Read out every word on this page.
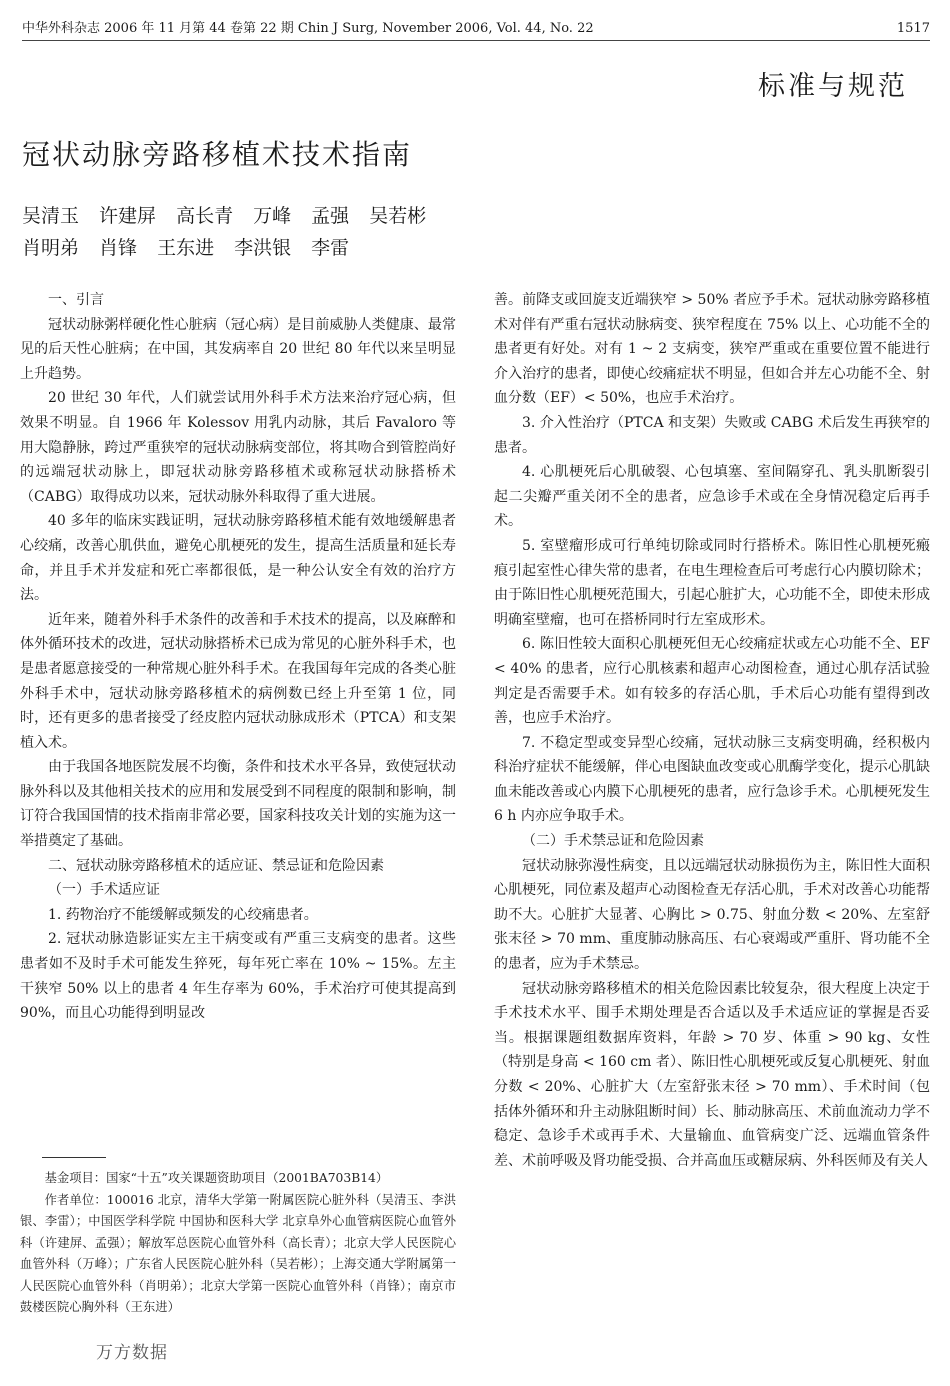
中华外科杂志 2006 年 11 月第 44 卷第 22 期 Chin J Surg, November 2006, Vol. 44, No. 22	1517
标准与规范
冠状动脉旁路移植术技术指南
吴清玉 许建屏 高长青 万峰 孟强 吴若彬
肖明弟 肖锋 王东进 李洪银 李雷

一、引言

冠状动脉粥样硬化性心脏病（冠心病）是目前威胁人类健康、最常见的后天性心脏病；在中国，其发病率自 20 世纪 80 年代以来呈明显上升趋势。

20 世纪 30 年代，人们就尝试用外科手术方法来治疗冠心病，但效果不明显。自 1966 年 Kolessov 用乳内动脉，其后 Favaloro 等用大隐静脉，跨过严重狭窄的冠状动脉病变部位，将其吻合到管腔尚好的远端冠状动脉上，即冠状动脉旁路移植术或称冠状动脉搭桥术（CABG）取得成功以来，冠状动脉外科取得了重大进展。

40 多年的临床实践证明，冠状动脉旁路移植术能有效地缓解患者心绞痛，改善心肌供血，避免心肌梗死的发生，提高生活质量和延长寿命，并且手术并发症和死亡率都很低，是一种公认安全有效的治疗方法。

近年来，随着外科手术条件的改善和手术技术的提高，以及麻醉和体外循环技术的改进，冠状动脉搭桥术已成为常见的心脏外科手术，也是患者愿意接受的一种常规心脏外科手术。在我国每年完成的各类心脏外科手术中，冠状动脉旁路移植术的病例数已经上升至第 1 位，同时，还有更多的患者接受了经皮腔内冠状动脉成形术（PTCA）和支架植入术。

由于我国各地医院发展不均衡，条件和技术水平各异，致使冠状动脉外科以及其他相关技术的应用和发展受到不同程度的限制和影响，制订符合我国国情的技术指南非常必要，国家科技攻关计划的实施为这一举措奠定了基础。

二、冠状动脉旁路移植术的适应证、禁忌证和危险因素

（一）手术适应证

1. 药物治疗不能缓解或频发的心绞痛患者。

2. 冠状动脉造影证实左主干病变或有严重三支病变的患者。这些患者如不及时手术可能发生猝死，每年死亡率在 10% ~ 15%。左主干狭窄 50% 以上的患者 4 年生存率为 60%，手术治疗可使其提高到 90%，而且心功能得到明显改

基金项目：国家“十五”攻关课题资助项目（2001BA703B14）

作者单位：100016 北京，清华大学第一附属医院心脏外科（吴清玉、李洪银、李雷）；中国医学科学院 中国协和医科大学 北京阜外心血管病医院心血管外科（许建屏、孟强）；解放军总医院心血管外科（高长青）；北京大学人民医院心血管外科（万峰）；广东省人民医院心脏外科（吴若彬）；上海交通大学附属第一人民医院心血管外科（肖明弟）；北京大学第一医院心血管外科（肖锋）；南京市鼓楼医院心胸外科（王东进）

善。前降支或回旋支近端狭窄 > 50% 者应予手术。冠状动脉旁路移植术对伴有严重右冠状动脉病变、狭窄程度在 75% 以上、心功能不全的患者更有好处。对有 1 ~ 2 支病变，狭窄严重或在重要位置不能进行介入治疗的患者，即使心绞痛症状不明显，但如合并左心功能不全、射血分数（EF）< 50%，也应手术治疗。

3. 介入性治疗（PTCA 和支架）失败或 CABG 术后发生再狭窄的患者。

4. 心肌梗死后心肌破裂、心包填塞、室间隔穿孔、乳头肌断裂引起二尖瓣严重关闭不全的患者，应急诊手术或在全身情况稳定后再手术。

5. 室壁瘤形成可行单纯切除或同时行搭桥术。陈旧性心肌梗死瘢痕引起室性心律失常的患者，在电生理检查后可考虑行心内膜切除术；由于陈旧性心肌梗死范围大，引起心脏扩大，心功能不全，即使未形成明确室壁瘤，也可在搭桥同时行左室成形术。

6. 陈旧性较大面积心肌梗死但无心绞痛症状或左心功能不全、EF < 40% 的患者，应行心肌核素和超声心动图检查，通过心肌存活试验判定是否需要手术。如有较多的存活心肌，手术后心功能有望得到改善，也应手术治疗。

7. 不稳定型或变异型心绞痛，冠状动脉三支病变明确，经积极内科治疗症状不能缓解，伴心电图缺血改变或心肌酶学变化，提示心肌缺血未能改善或心内膜下心肌梗死的患者，应行急诊手术。心肌梗死发生 6 h 内亦应争取手术。

（二）手术禁忌证和危险因素

冠状动脉弥漫性病变，且以远端冠状动脉损伤为主，陈旧性大面积心肌梗死，同位素及超声心动图检查无存活心肌，手术对改善心功能帮助不大。心脏扩大显著、心胸比 > 0.75、射血分数 < 20%、左室舒张末径 > 70 mm、重度肺动脉高压、右心衰竭或严重肝、肾功能不全的患者，应为手术禁忌。

冠状动脉旁路移植术的相关危险因素比较复杂，很大程度上决定于手术技术水平、围手术期处理是否合适以及手术适应证的掌握是否妥当。根据课题组数据库资料，年龄 > 70 岁、体重 > 90 kg、女性（特别是身高 < 160 cm 者）、陈旧性心肌梗死或反复心肌梗死、射血分数 < 20%、心脏扩大（左室舒张末径 > 70 mm）、手术时间（包括体外循环和升主动脉阻断时间）长、肺动脉高压、术前血流动力学不稳定、急诊手术或再手术、大量输血、血管病变广泛、远端血管条件差、术前呼吸及肾功能受损、合并高血压或糖尿病、外科医师及有关人

万方数据
